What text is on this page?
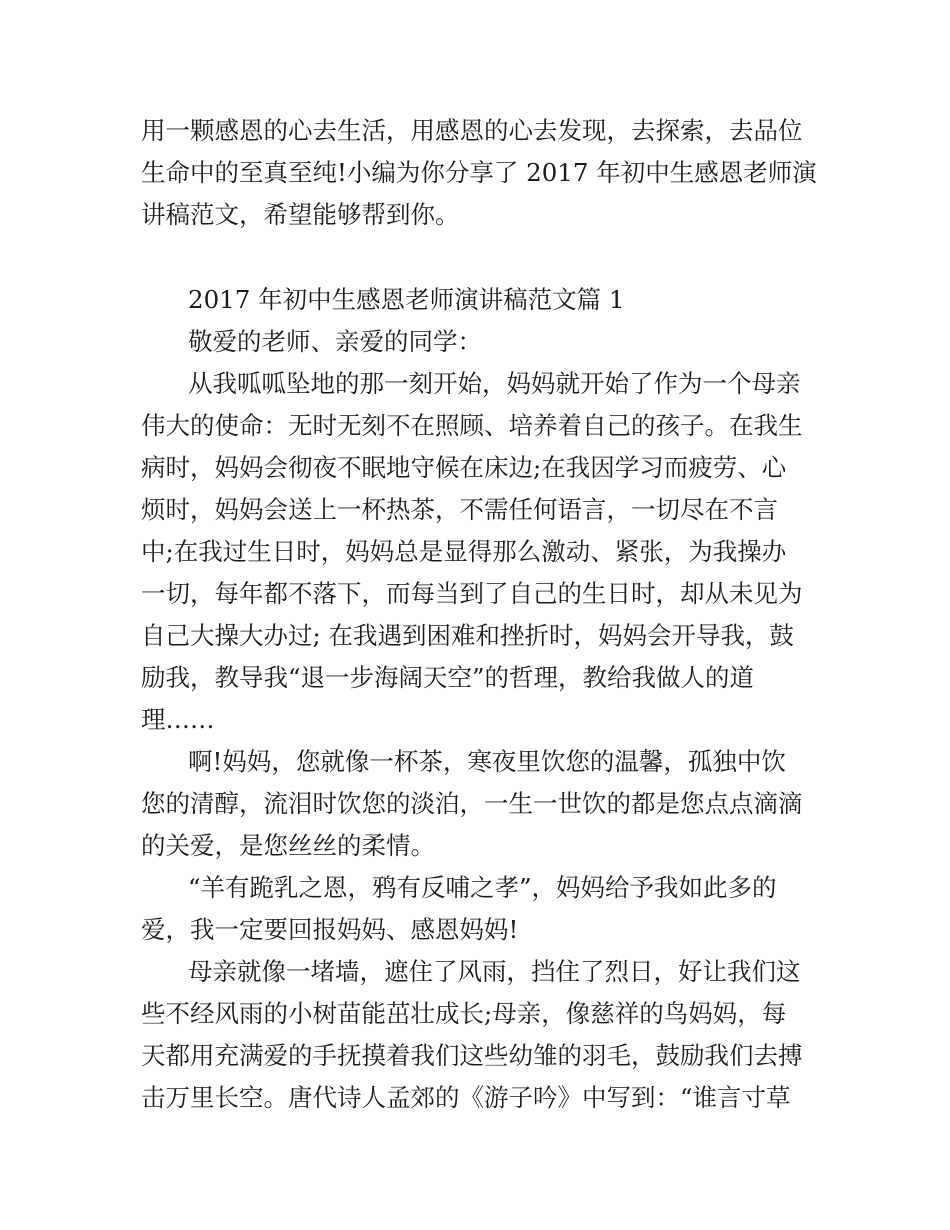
用一颗感恩的心去生活，用感恩的心去发现，去探索，去品位

生命中的至真至纯!小编为你分享了 2017 年初中生感恩老师演

讲稿范文，希望能够帮到你。

2017 年初中生感恩老师演讲稿范文篇 1

敬爱的老师、亲爱的同学：

从我呱呱坠地的那一刻开始，妈妈就开始了作为一个母亲

伟大的使命：无时无刻不在照顾、培养着自己的孩子。在我生

病时，妈妈会彻夜不眠地守候在床边;在我因学习而疲劳、心

烦时，妈妈会送上一杯热茶，不需任何语言，一切尽在不言

中;在我过生日时，妈妈总是显得那么激动、紧张，为我操办

一切，每年都不落下，而每当到了自己的生日时，却从未见为

自己大操大办过; 在我遇到困难和挫折时，妈妈会开导我，鼓

励我，教导我“退一步海阔天空”的哲理，教给我做人的道

理……

啊!妈妈，您就像一杯茶，寒夜里饮您的温馨，孤独中饮

您的清醇，流泪时饮您的淡泊，一生一世饮的都是您点点滴滴

的关爱，是您丝丝的柔情。

“羊有跪乳之恩，鸦有反哺之孝”，妈妈给予我如此多的

爱，我一定要回报妈妈、感恩妈妈!

母亲就像一堵墙，遮住了风雨，挡住了烈日，好让我们这

些不经风雨的小树苗能茁壮成长;母亲，像慈祥的鸟妈妈，每

天都用充满爱的手抚摸着我们这些幼雏的羽毛，鼓励我们去搏

击万里长空。唐代诗人孟郊的《游子吟》中写到：“谁言寸草
